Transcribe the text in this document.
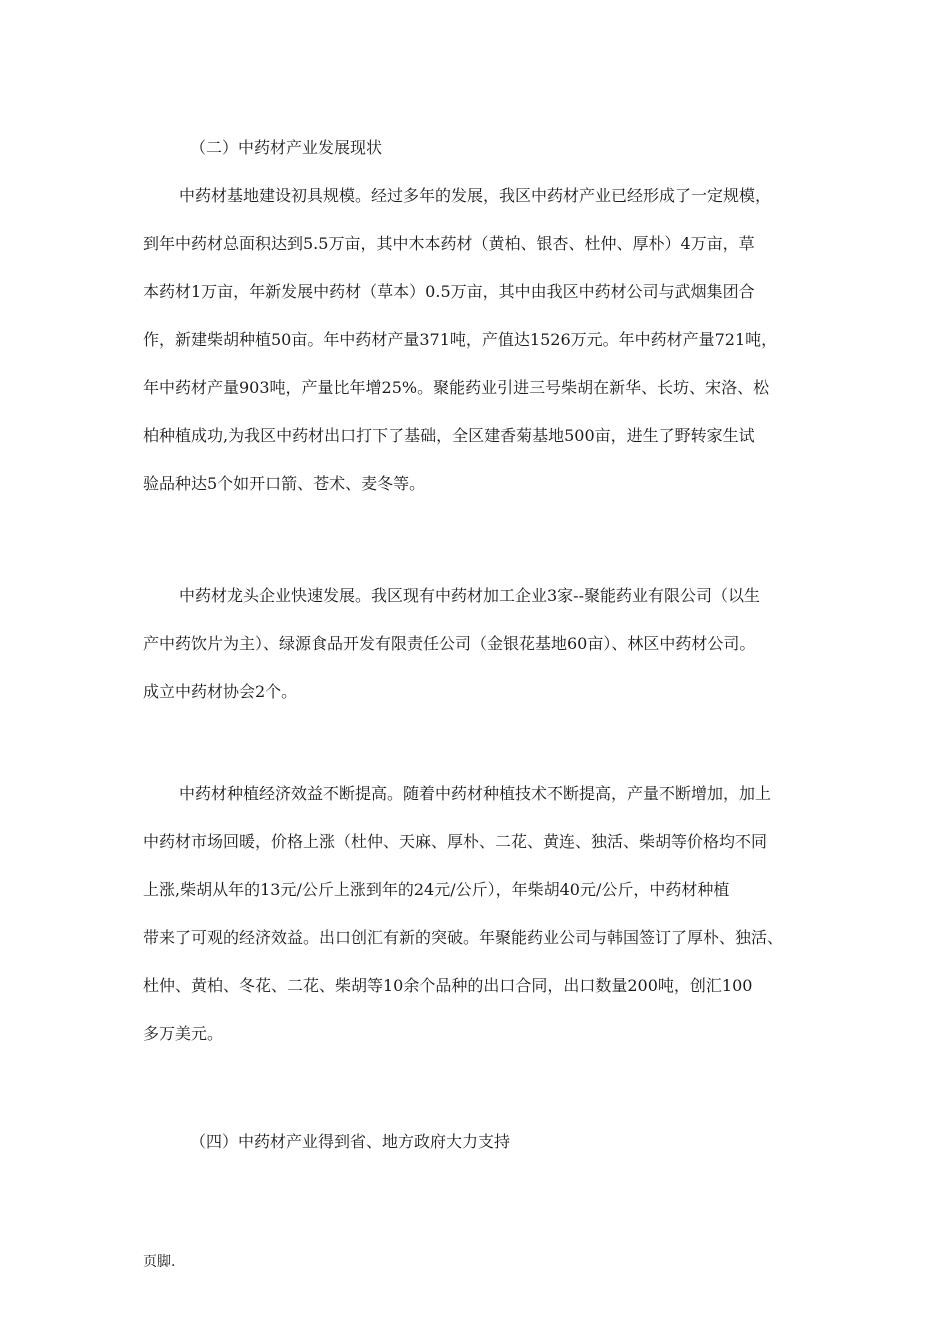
（二）中药材产业发展现状
中药材基地建设初具规模。经过多年的发展，我区中药材产业已经形成了一定规模，
到年中药材总面积达到5.5万亩，其中木本药材（黄柏、银杏、杜仲、厚朴）4万亩，草
本药材1万亩，年新发展中药材（草本）0.5万亩，其中由我区中药材公司与武烟集团合
作，新建柴胡种植50亩。年中药材产量371吨，产值达1526万元。年中药材产量721吨，
年中药材产量903吨，产量比年增25%。聚能药业引进三号柴胡在新华、长坊、宋洛、松
柏种植成功,为我区中药材出口打下了基础，全区建香菊基地500亩，进生了野转家生试
验品种达5个如开口箭、苍术、麦冬等。
中药材龙头企业快速发展。我区现有中药材加工企业3家--聚能药业有限公司（以生
产中药饮片为主）、绿源食品开发有限责任公司（金银花基地60亩）、林区中药材公司。
成立中药材协会2个。
中药材种植经济效益不断提高。随着中药材种植技术不断提高，产量不断增加，加上
中药材市场回暖，价格上涨（杜仲、天麻、厚朴、二花、黄连、独活、柴胡等价格均不同
上涨,柴胡从年的13元/公斤上涨到年的24元/公斤），年柴胡40元/公斤，中药材种植
带来了可观的经济效益。出口创汇有新的突破。年聚能药业公司与韩国签订了厚朴、独活、
杜仲、黄柏、冬花、二花、柴胡等10余个品种的出口合同，出口数量200吨，创汇100
多万美元。
（四）中药材产业得到省、地方政府大力支持
页脚.
